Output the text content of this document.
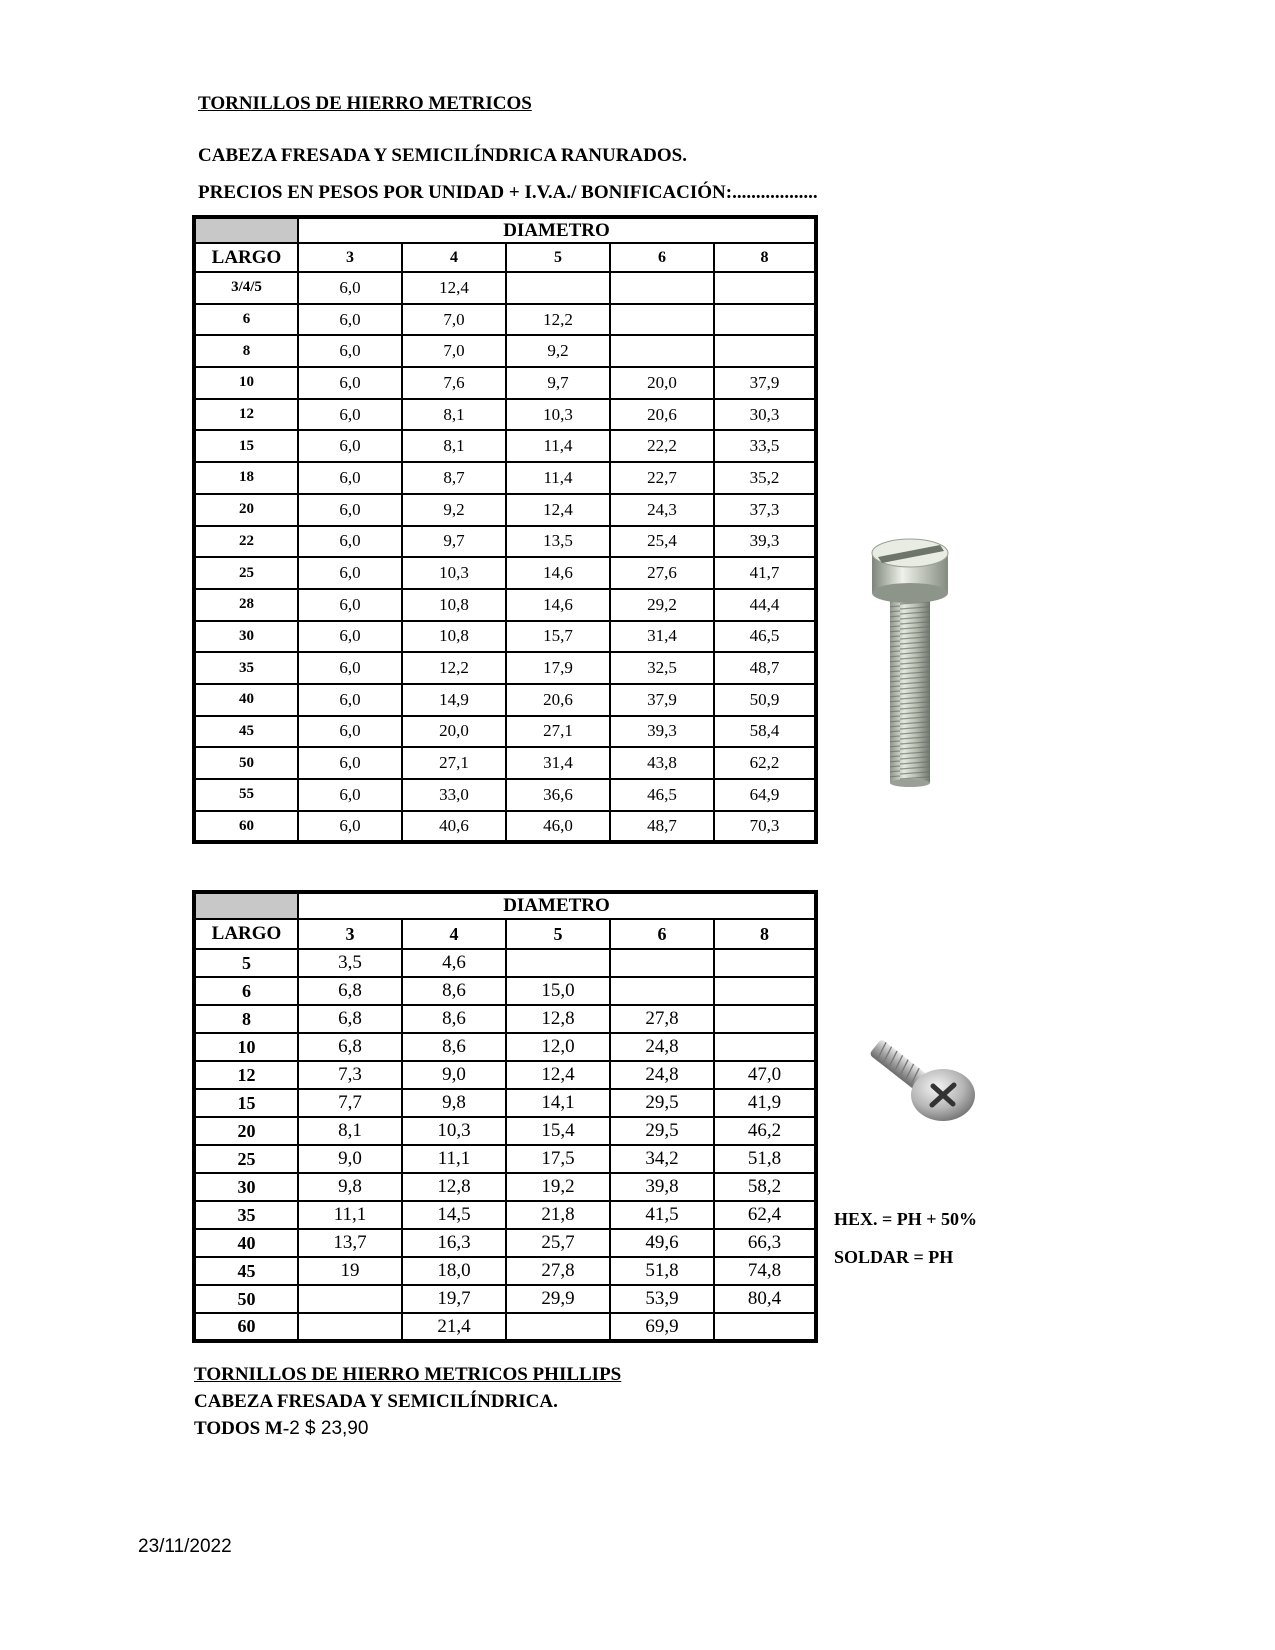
TORNILLOS DE HIERRO METRICOS
CABEZA FRESADA Y SEMICILÍNDRICA RANURADOS.
PRECIOS EN PESOS POR UNIDAD + I.V.A./ BONIFICACIÓN:..................
	DIAMETRO				
LARGO	3	4	5	6	8
3/4/5	6,0	12,4			
6	6,0	7,0	12,2		
8	6,0	7,0	9,2		
10	6,0	7,6	9,7	20,0	37,9
12	6,0	8,1	10,3	20,6	30,3
15	6,0	8,1	11,4	22,2	33,5
18	6,0	8,7	11,4	22,7	35,2
20	6,0	9,2	12,4	24,3	37,3
22	6,0	9,7	13,5	25,4	39,3
25	6,0	10,3	14,6	27,6	41,7
28	6,0	10,8	14,6	29,2	44,4
30	6,0	10,8	15,7	31,4	46,5
35	6,0	12,2	17,9	32,5	48,7
40	6,0	14,9	20,6	37,9	50,9
45	6,0	20,0	27,1	39,3	58,4
50	6,0	27,1	31,4	43,8	62,2
55	6,0	33,0	36,6	46,5	64,9
60	6,0	40,6	46,0	48,7	70,3
	DIAMETRO				
LARGO	3	4	5	6	8
5	3,5	4,6			
6	6,8	8,6	15,0		
8	6,8	8,6	12,8	27,8	
10	6,8	8,6	12,0	24,8	
12	7,3	9,0	12,4	24,8	47,0
15	7,7	9,8	14,1	29,5	41,9
20	8,1	10,3	15,4	29,5	46,2
25	9,0	11,1	17,5	34,2	51,8
30	9,8	12,8	19,2	39,8	58,2
35	11,1	14,5	21,8	41,5	62,4
40	13,7	16,3	25,7	49,6	66,3
45	19	18,0	27,8	51,8	74,8
50		19,7	29,9	53,9	80,4
60		21,4		69,9	
HEX. = PH + 50%
SOLDAR = PH
TORNILLOS DE HIERRO METRICOS PHILLIPS
CABEZA FRESADA Y SEMICILÍNDRICA.
TODOS M-2 $ 23,90
23/11/2022
